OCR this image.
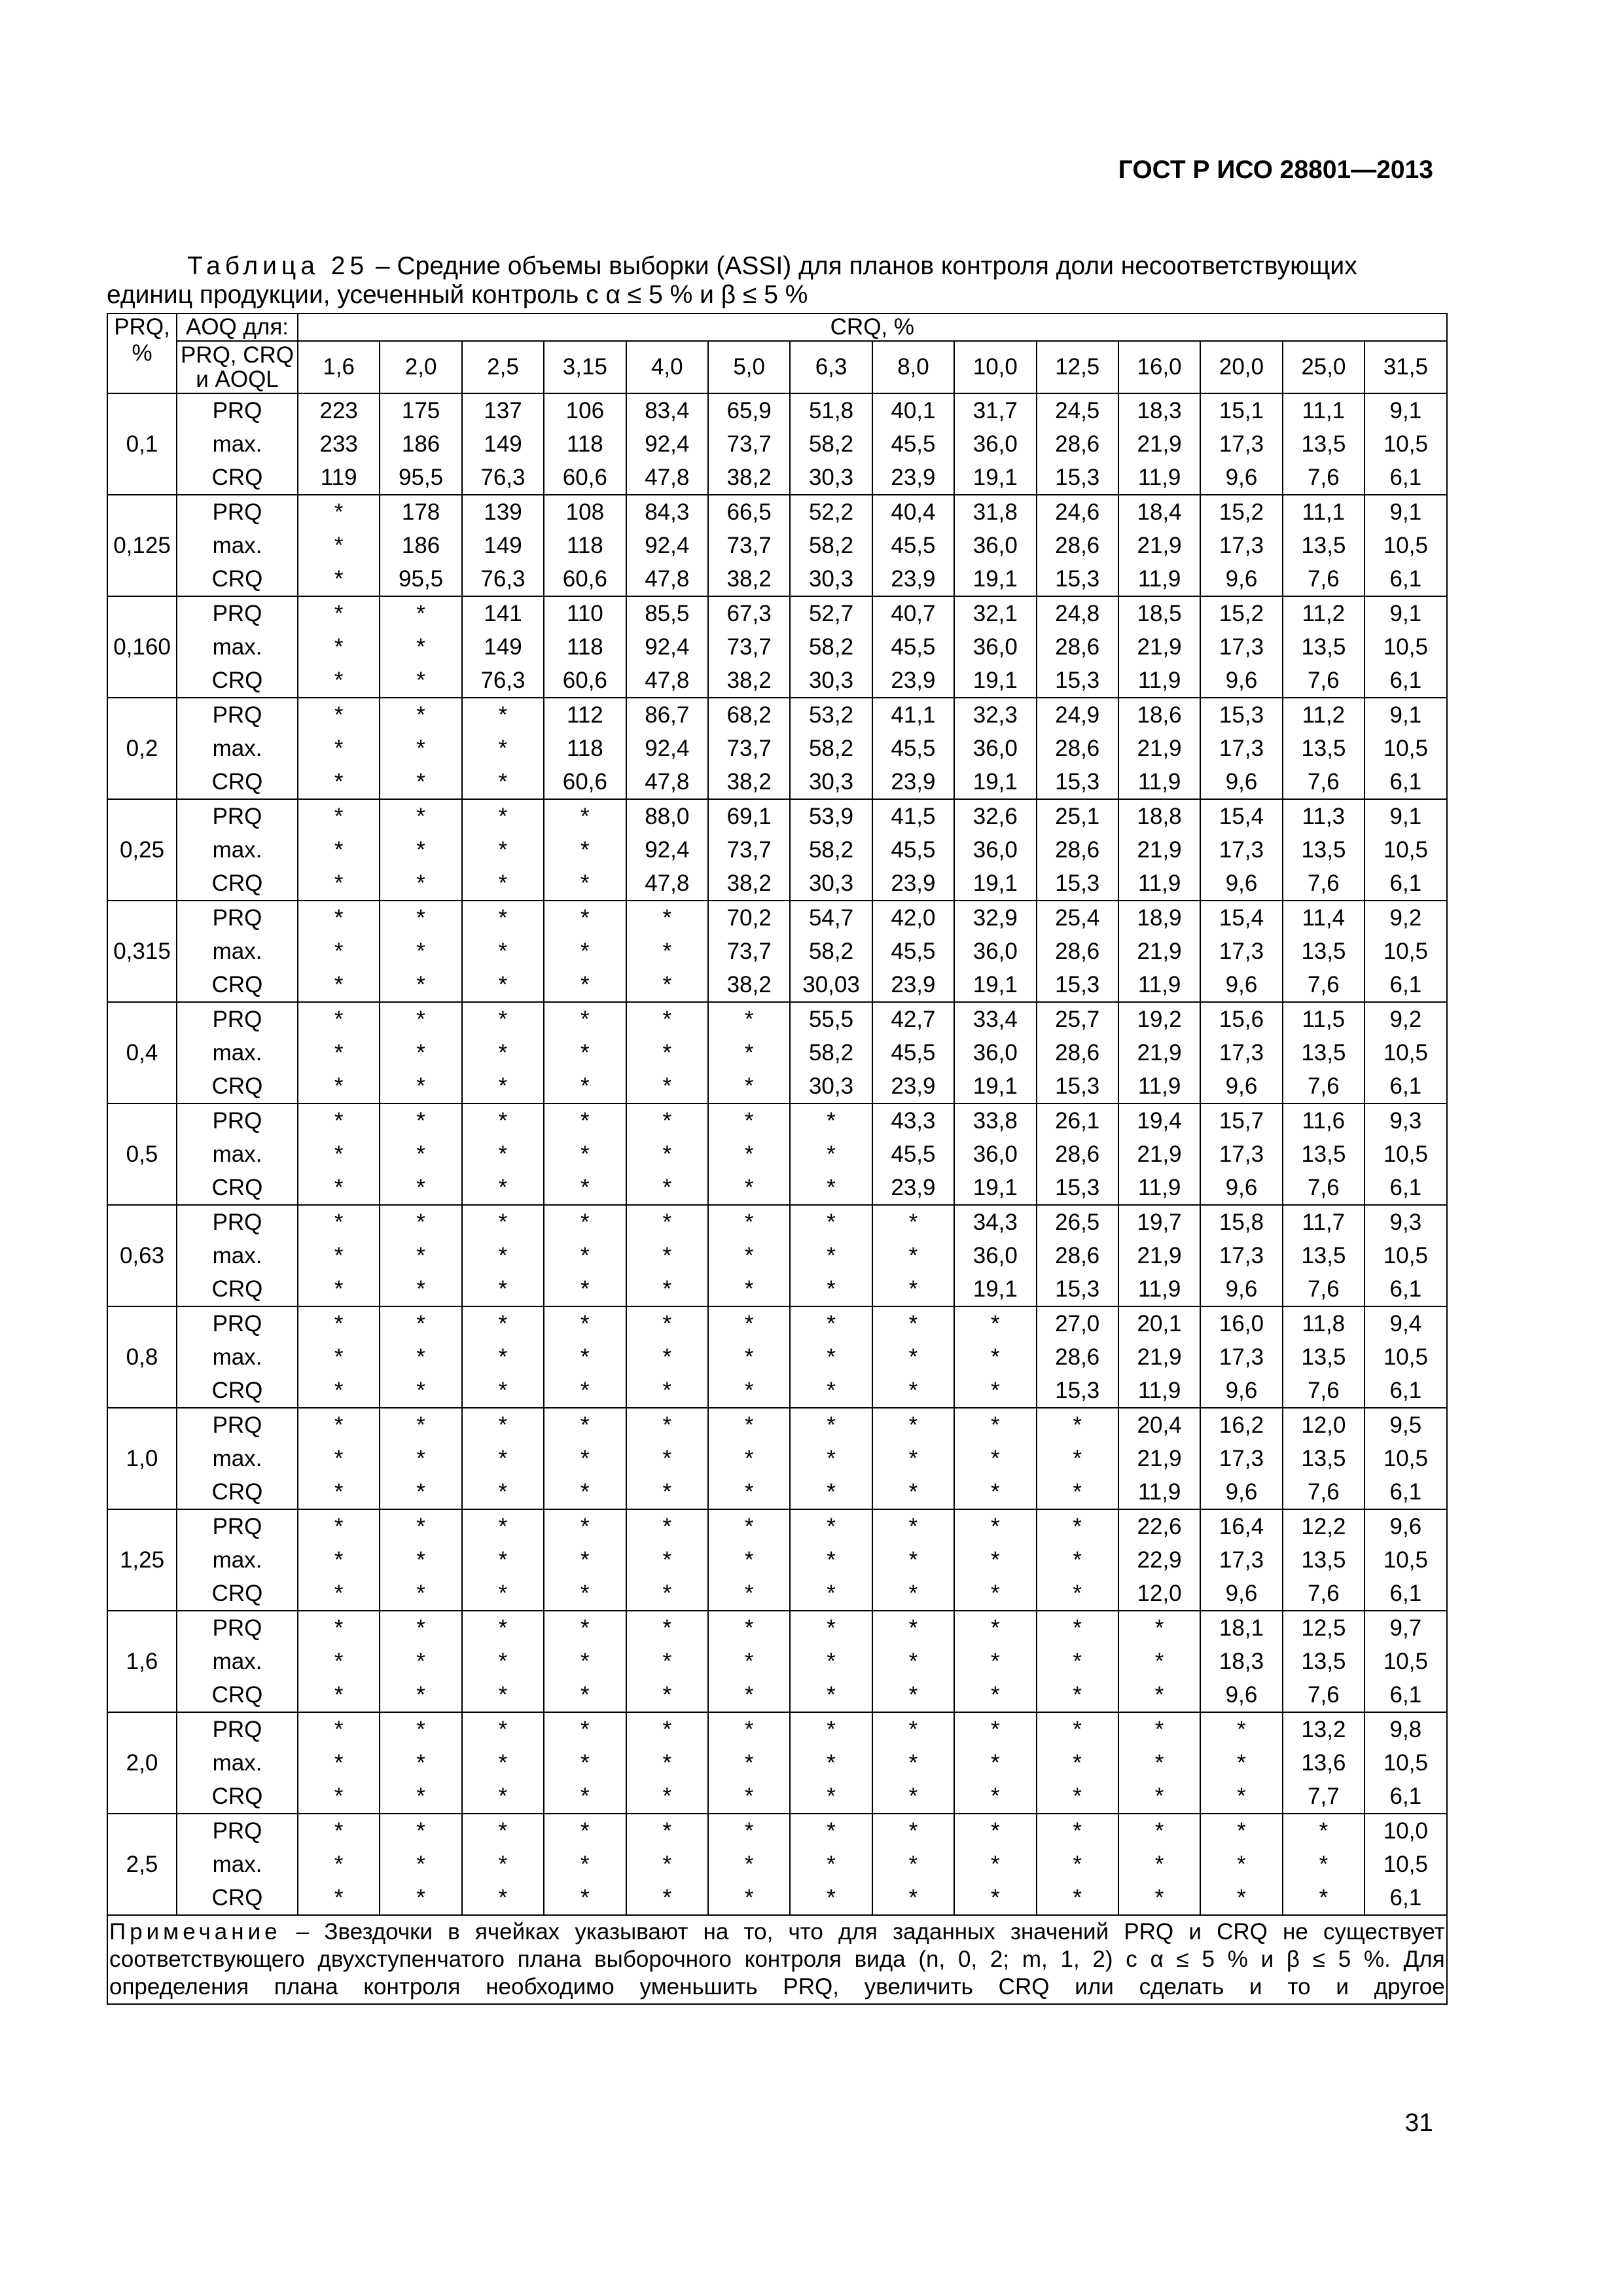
ГОСТ Р ИСО 28801—2013
Таблица 25 – Средние объемы выборки (ASSI) для планов контроля доли несоответствующих
единиц продукции, усеченный контроль с α ≤ 5 % и β ≤ 5 %
PRQ, %	AOQ для:	CRQ, %													
	PRQ, CRQ и AOQL	1,6	2,0	2,5	3,15	4,0	5,0	6,3	8,0	10,0	12,5	16,0	20,0	25,0	31,5
0,1	PRQ	223	175	137	106	83,4	65,9	51,8	40,1	31,7	24,5	18,3	15,1	11,1	9,1
	max.	233	186	149	118	92,4	73,7	58,2	45,5	36,0	28,6	21,9	17,3	13,5	10,5
	CRQ	119	95,5	76,3	60,6	47,8	38,2	30,3	23,9	19,1	15,3	11,9	9,6	7,6	6,1
0,125	PRQ	*	178	139	108	84,3	66,5	52,2	40,4	31,8	24,6	18,4	15,2	11,1	9,1
	max.	*	186	149	118	92,4	73,7	58,2	45,5	36,0	28,6	21,9	17,3	13,5	10,5
	CRQ	*	95,5	76,3	60,6	47,8	38,2	30,3	23,9	19,1	15,3	11,9	9,6	7,6	6,1
0,160	PRQ	*	*	141	110	85,5	67,3	52,7	40,7	32,1	24,8	18,5	15,2	11,2	9,1
	max.	*	*	149	118	92,4	73,7	58,2	45,5	36,0	28,6	21,9	17,3	13,5	10,5
	CRQ	*	*	76,3	60,6	47,8	38,2	30,3	23,9	19,1	15,3	11,9	9,6	7,6	6,1
0,2	PRQ	*	*	*	112	86,7	68,2	53,2	41,1	32,3	24,9	18,6	15,3	11,2	9,1
	max.	*	*	*	118	92,4	73,7	58,2	45,5	36,0	28,6	21,9	17,3	13,5	10,5
	CRQ	*	*	*	60,6	47,8	38,2	30,3	23,9	19,1	15,3	11,9	9,6	7,6	6,1
0,25	PRQ	*	*	*	*	88,0	69,1	53,9	41,5	32,6	25,1	18,8	15,4	11,3	9,1
	max.	*	*	*	*	92,4	73,7	58,2	45,5	36,0	28,6	21,9	17,3	13,5	10,5
	CRQ	*	*	*	*	47,8	38,2	30,3	23,9	19,1	15,3	11,9	9,6	7,6	6,1
0,315	PRQ	*	*	*	*	*	70,2	54,7	42,0	32,9	25,4	18,9	15,4	11,4	9,2
	max.	*	*	*	*	*	73,7	58,2	45,5	36,0	28,6	21,9	17,3	13,5	10,5
	CRQ	*	*	*	*	*	38,2	30,03	23,9	19,1	15,3	11,9	9,6	7,6	6,1
0,4	PRQ	*	*	*	*	*	*	55,5	42,7	33,4	25,7	19,2	15,6	11,5	9,2
	max.	*	*	*	*	*	*	58,2	45,5	36,0	28,6	21,9	17,3	13,5	10,5
	CRQ	*	*	*	*	*	*	30,3	23,9	19,1	15,3	11,9	9,6	7,6	6,1
0,5	PRQ	*	*	*	*	*	*	*	43,3	33,8	26,1	19,4	15,7	11,6	9,3
	max.	*	*	*	*	*	*	*	45,5	36,0	28,6	21,9	17,3	13,5	10,5
	CRQ	*	*	*	*	*	*	*	23,9	19,1	15,3	11,9	9,6	7,6	6,1
0,63	PRQ	*	*	*	*	*	*	*	*	34,3	26,5	19,7	15,8	11,7	9,3
	max.	*	*	*	*	*	*	*	*	36,0	28,6	21,9	17,3	13,5	10,5
	CRQ	*	*	*	*	*	*	*	*	19,1	15,3	11,9	9,6	7,6	6,1
0,8	PRQ	*	*	*	*	*	*	*	*	*	27,0	20,1	16,0	11,8	9,4
	max.	*	*	*	*	*	*	*	*	*	28,6	21,9	17,3	13,5	10,5
	CRQ	*	*	*	*	*	*	*	*	*	15,3	11,9	9,6	7,6	6,1
1,0	PRQ	*	*	*	*	*	*	*	*	*	*	20,4	16,2	12,0	9,5
	max.	*	*	*	*	*	*	*	*	*	*	21,9	17,3	13,5	10,5
	CRQ	*	*	*	*	*	*	*	*	*	*	11,9	9,6	7,6	6,1
1,25	PRQ	*	*	*	*	*	*	*	*	*	*	22,6	16,4	12,2	9,6
	max.	*	*	*	*	*	*	*	*	*	*	22,9	17,3	13,5	10,5
	CRQ	*	*	*	*	*	*	*	*	*	*	12,0	9,6	7,6	6,1
1,6	PRQ	*	*	*	*	*	*	*	*	*	*	*	18,1	12,5	9,7
	max.	*	*	*	*	*	*	*	*	*	*	*	18,3	13,5	10,5
	CRQ	*	*	*	*	*	*	*	*	*	*	*	9,6	7,6	6,1
2,0	PRQ	*	*	*	*	*	*	*	*	*	*	*	*	13,2	9,8
	max.	*	*	*	*	*	*	*	*	*	*	*	*	13,6	10,5
	CRQ	*	*	*	*	*	*	*	*	*	*	*	*	7,7	6,1
2,5	PRQ	*	*	*	*	*	*	*	*	*	*	*	*	*	10,0
	max.	*	*	*	*	*	*	*	*	*	*	*	*	*	10,5
	CRQ	*	*	*	*	*	*	*	*	*	*	*	*	*	6,1

Примечание – Звездочки в ячейках указывают на то, что для заданных значений PRQ и CRQ не существует
соответствующего двухступенчатого плана выборочного контроля вида (n, 0, 2; m, 1, 2) с α ≤ 5 % и β ≤ 5 %. Для
определения плана контроля необходимо уменьшить PRQ, увеличить CRQ или сделать и то и другое															
31
